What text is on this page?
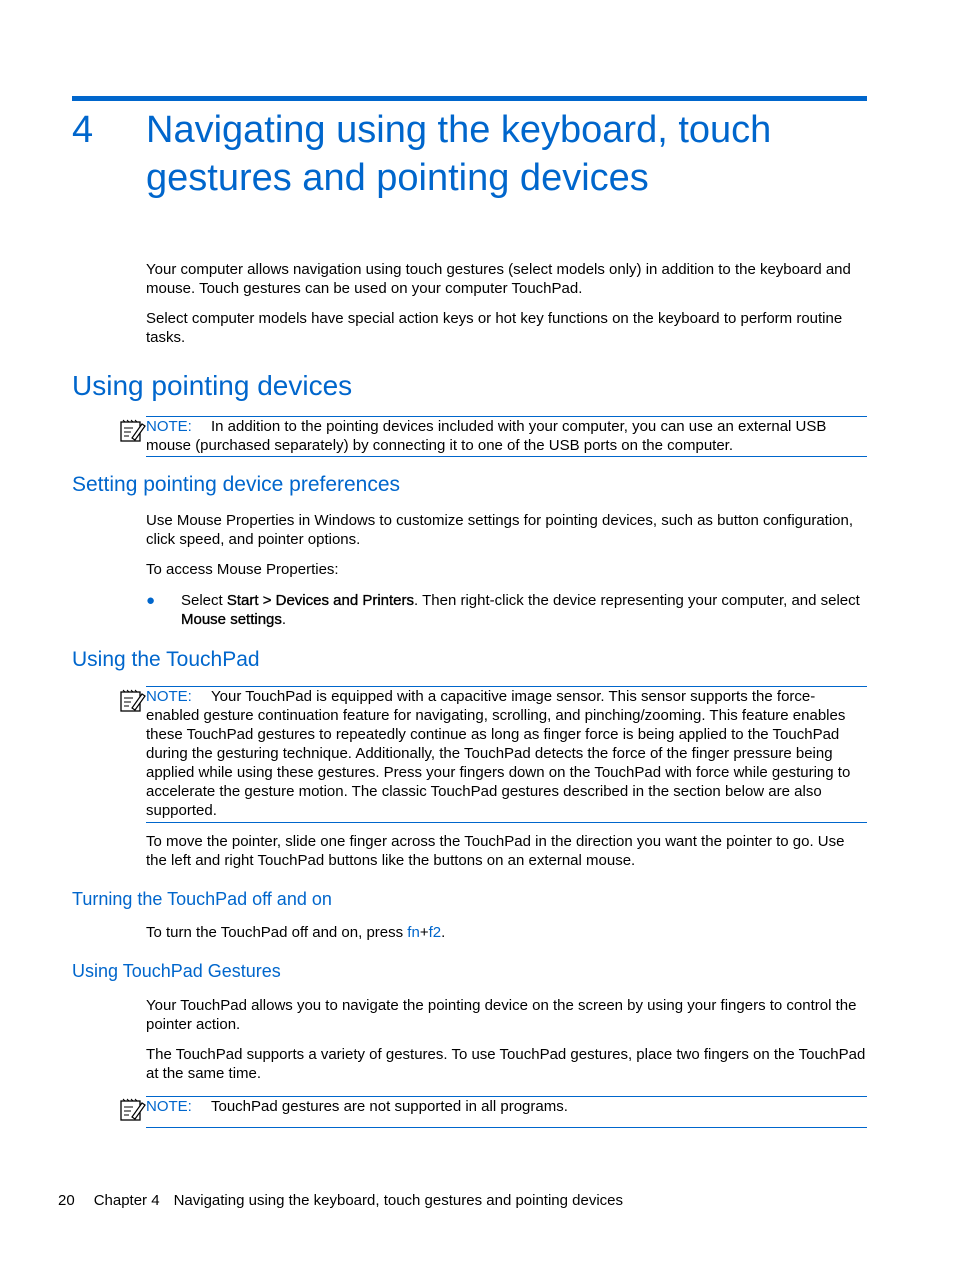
4 Navigating using the keyboard, touch gestures and pointing devices
Your computer allows navigation using touch gestures (select models only) in addition to the keyboard and mouse. Touch gestures can be used on your computer TouchPad.
Select computer models have special action keys or hot key functions on the keyboard to perform routine tasks.
Using pointing devices
NOTE: In addition to the pointing devices included with your computer, you can use an external USB mouse (purchased separately) by connecting it to one of the USB ports on the computer.
Setting pointing device preferences
Use Mouse Properties in Windows to customize settings for pointing devices, such as button configuration, click speed, and pointer options.
To access Mouse Properties:
● Select Start > Devices and Printers. Then right-click the device representing your computer, and select Mouse settings.
Using the TouchPad
NOTE: Your TouchPad is equipped with a capacitive image sensor. This sensor supports the force-enabled gesture continuation feature for navigating, scrolling, and pinching/zooming. This feature enables these TouchPad gestures to repeatedly continue as long as finger force is being applied to the TouchPad during the gesturing technique. Additionally, the TouchPad detects the force of the finger pressure being applied while using these gestures. Press your fingers down on the TouchPad with force while gesturing to accelerate the gesture motion. The classic TouchPad gestures described in the section below are also supported.
To move the pointer, slide one finger across the TouchPad in the direction you want the pointer to go. Use the left and right TouchPad buttons like the buttons on an external mouse.
Turning the TouchPad off and on
To turn the TouchPad off and on, press fn+f2.
Using TouchPad Gestures
Your TouchPad allows you to navigate the pointing device on the screen by using your fingers to control the pointer action.
The TouchPad supports a variety of gestures. To use TouchPad gestures, place two fingers on the TouchPad at the same time.
NOTE: TouchPad gestures are not supported in all programs.
20 Chapter 4 Navigating using the keyboard, touch gestures and pointing devices
